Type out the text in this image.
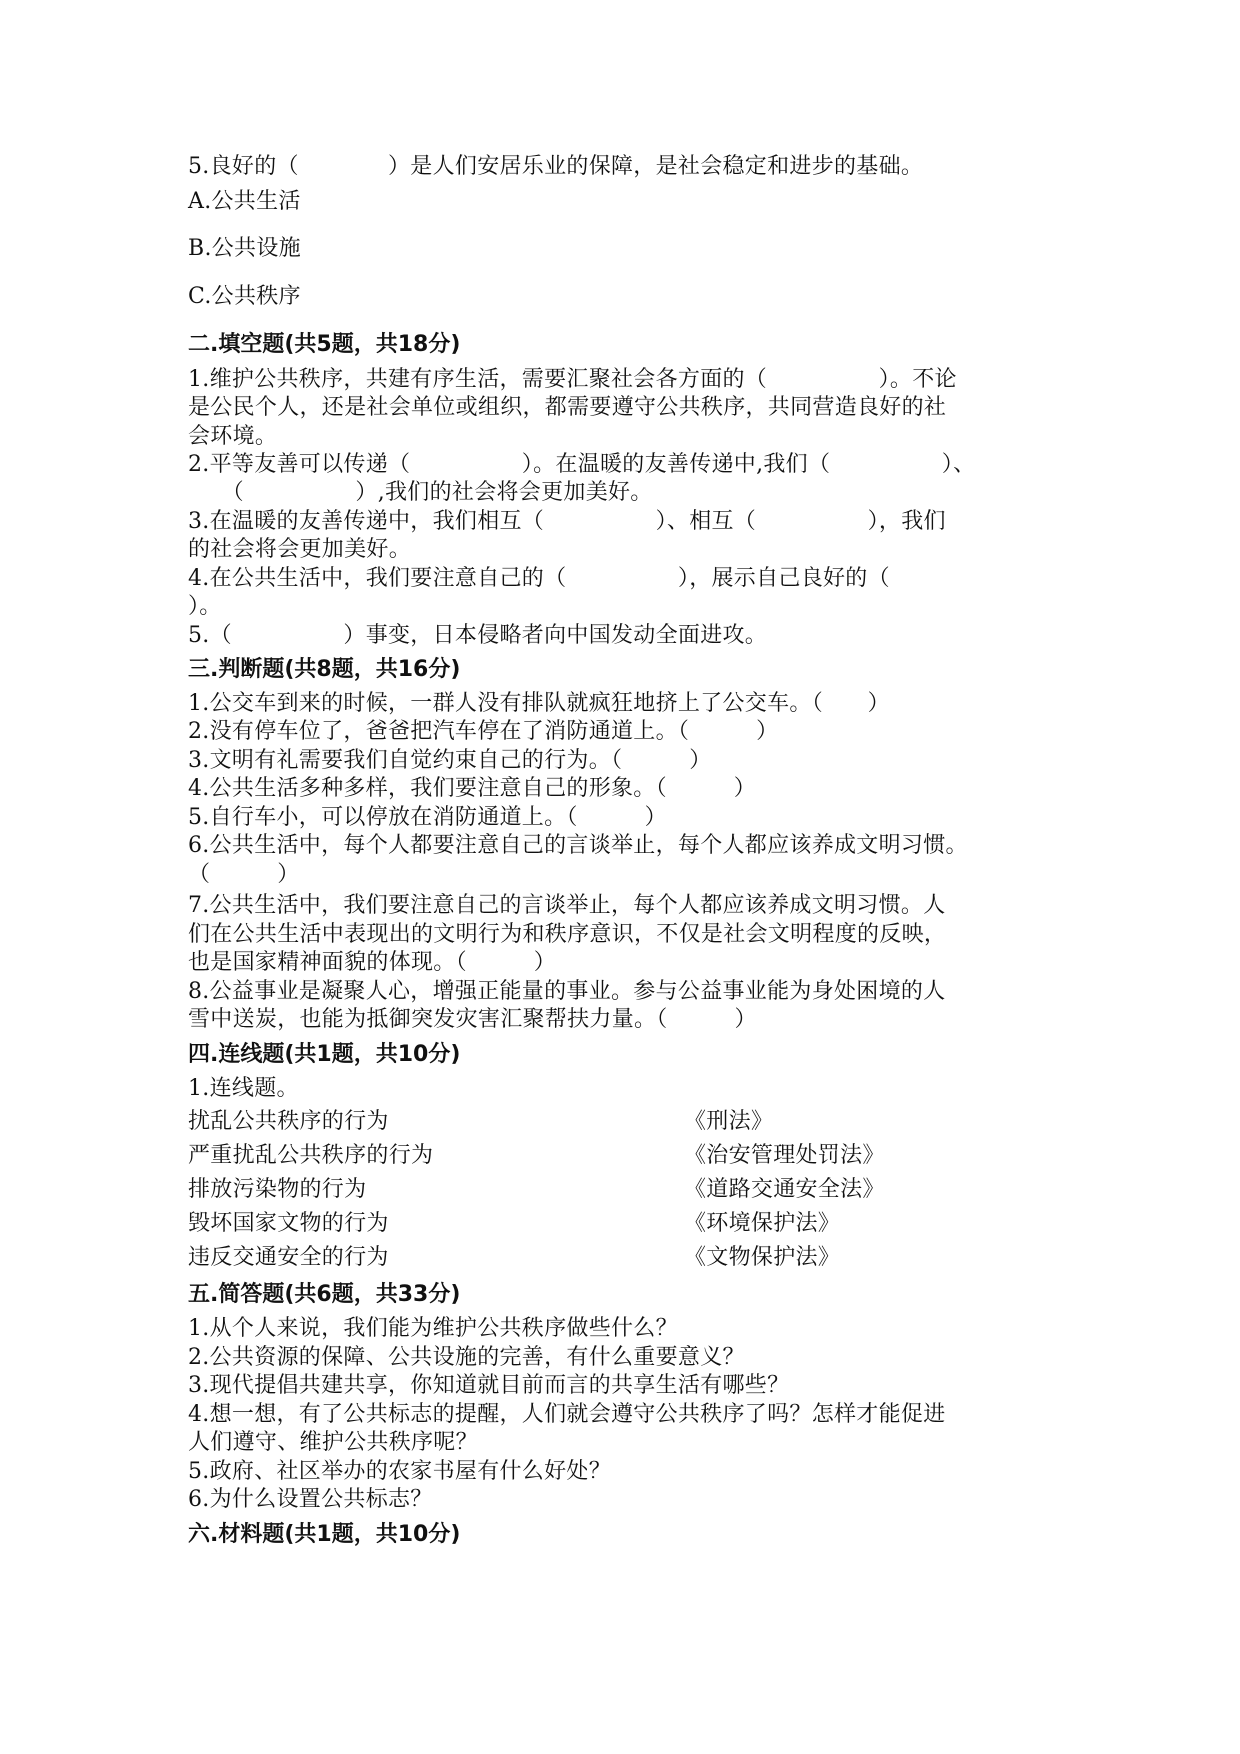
5.良好的（　　　　）是人们安居乐业的保障，是社会稳定和进步的基础。
A.公共生活
B.公共设施
C.公共秩序
二.填空题(共5题，共18分)
1.维护公共秩序，共建有序生活，需要汇聚社会各方面的（　　　　　）。不论
是公民个人，还是社会单位或组织，都需要遵守公共秩序，共同营造良好的社
会环境。
2.平等友善可以传递（　　　　　）。在温暖的友善传递中,我们（　　　　　）、
　　（　　　　　）,我们的社会将会更加美好。
3.在温暖的友善传递中，我们相互（　　　　　）、相互（　　　　　），我们
的社会将会更加美好。
4.在公共生活中，我们要注意自己的（　　　　　），展示自己良好的（　　　　
）。
5.（　　　　　）事变，日本侵略者向中国发动全面进攻。
三.判断题(共8题，共16分)
1.公交车到来的时候，一群人没有排队就疯狂地挤上了公交车。（　　）
2.没有停车位了，爸爸把汽车停在了消防通道上。（　　　）
3.文明有礼需要我们自觉约束自己的行为。（　　　）
4.公共生活多种多样，我们要注意自己的形象。（　　　）
5.自行车小，可以停放在消防通道上。（　　　）
6.公共生活中，每个人都要注意自己的言谈举止，每个人都应该养成文明习惯。
（　　　）
7.公共生活中，我们要注意自己的言谈举止，每个人都应该养成文明习惯。人
们在公共生活中表现出的文明行为和秩序意识，不仅是社会文明程度的反映，
也是国家精神面貌的体现。（　　　）
8.公益事业是凝聚人心，增强正能量的事业。参与公益事业能为身处困境的人
雪中送炭，也能为抵御突发灾害汇聚帮扶力量。（　　　）
四.连线题(共1题，共10分)
1.连线题。
扰乱公共秩序的行为	《刑法》
严重扰乱公共秩序的行为	《治安管理处罚法》
排放污染物的行为	《道路交通安全法》
毁坏国家文物的行为	《环境保护法》
违反交通安全的行为	《文物保护法》
五.简答题(共6题，共33分)
1.从个人来说，我们能为维护公共秩序做些什么？
2.公共资源的保障、公共设施的完善，有什么重要意义？
3.现代提倡共建共享，你知道就目前而言的共享生活有哪些？
4.想一想，有了公共标志的提醒，人们就会遵守公共秩序了吗？怎样才能促进
人们遵守、维护公共秩序呢？
5.政府、社区举办的农家书屋有什么好处？
6.为什么设置公共标志？
六.材料题(共1题，共10分)
